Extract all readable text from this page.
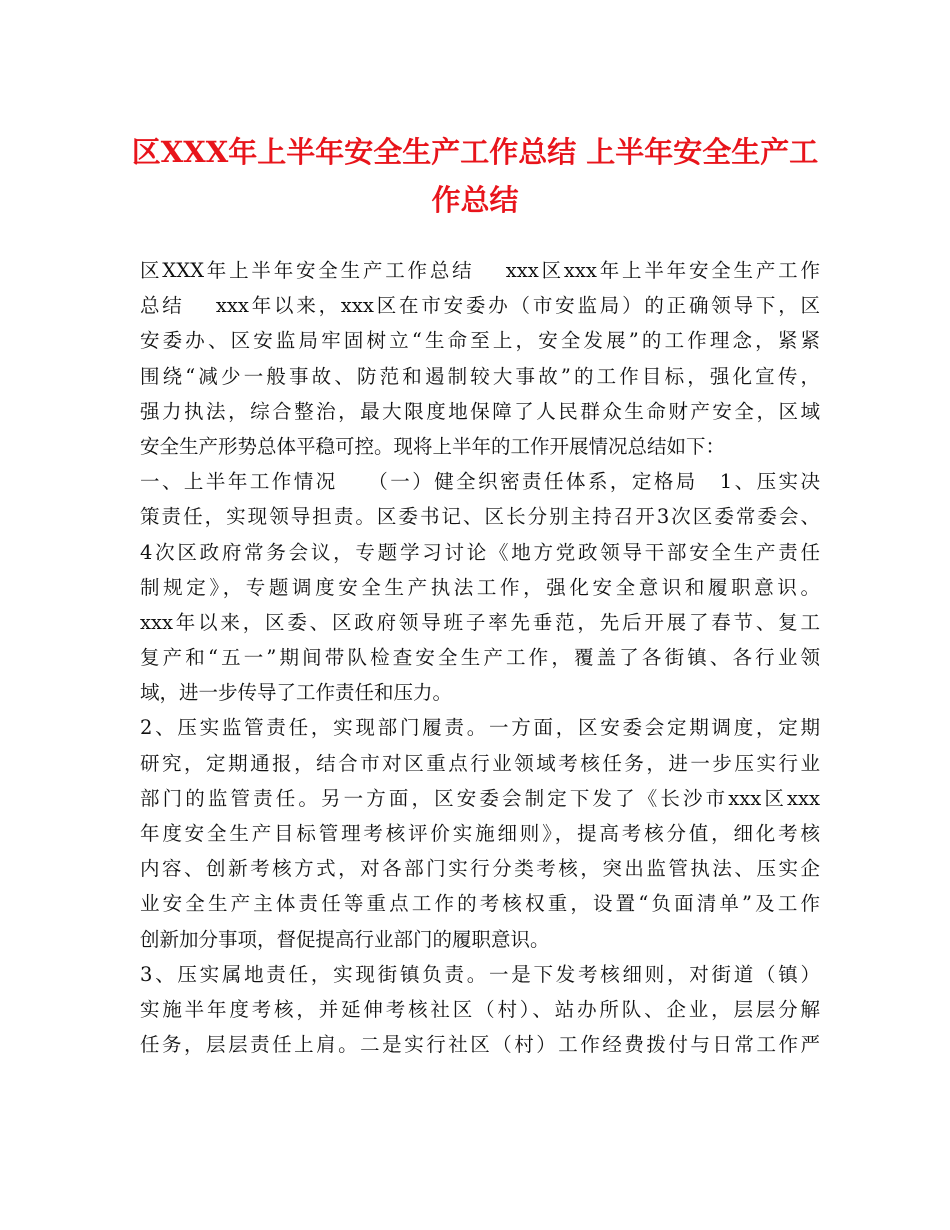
区XXX年上半年安全生产工作总结 上半年安全生产工
作总结
区XXX年上半年安全生产工作总结　 xxx区xxx年上半年安全生产工作
总结　 xxx年以来，xxx区在市安委办（市安监局）的正确领导下，区
安委办、区安监局牢固树立“生命至上，安全发展”的工作理念，紧紧
围绕“减少一般事故、防范和遏制较大事故”的工作目标，强化宣传，
强力执法，综合整治，最大限度地保障了人民群众生命财产安全，区域
安全生产形势总体平稳可控。现将上半年的工作开展情况总结如下：
一、上半年工作情况　 （一）健全织密责任体系，定格局　1、压实决
策责任，实现领导担责。区委书记、区长分别主持召开3次区委常委会、
4次区政府常务会议，专题学习讨论《地方党政领导干部安全生产责任
制规定》，专题调度安全生产执法工作，强化安全意识和履职意识。
xxx年以来，区委、区政府领导班子率先垂范，先后开展了春节、复工
复产和“五一”期间带队检查安全生产工作，覆盖了各街镇、各行业领
域，进一步传导了工作责任和压力。
2、压实监管责任，实现部门履责。一方面，区安委会定期调度，定期
研究，定期通报，结合市对区重点行业领域考核任务，进一步压实行业
部门的监管责任。另一方面，区安委会制定下发了《长沙市xxx区xxx
年度安全生产目标管理考核评价实施细则》，提高考核分值，细化考核
内容、创新考核方式，对各部门实行分类考核，突出监管执法、压实企
业安全生产主体责任等重点工作的考核权重，设置“负面清单”及工作
创新加分事项，督促提高行业部门的履职意识。
3、压实属地责任，实现街镇负责。一是下发考核细则，对街道（镇）
实施半年度考核，并延伸考核社区（村）、站办所队、企业，层层分解
任务，层层责任上肩。二是实行社区（村）工作经费拨付与日常工作严
